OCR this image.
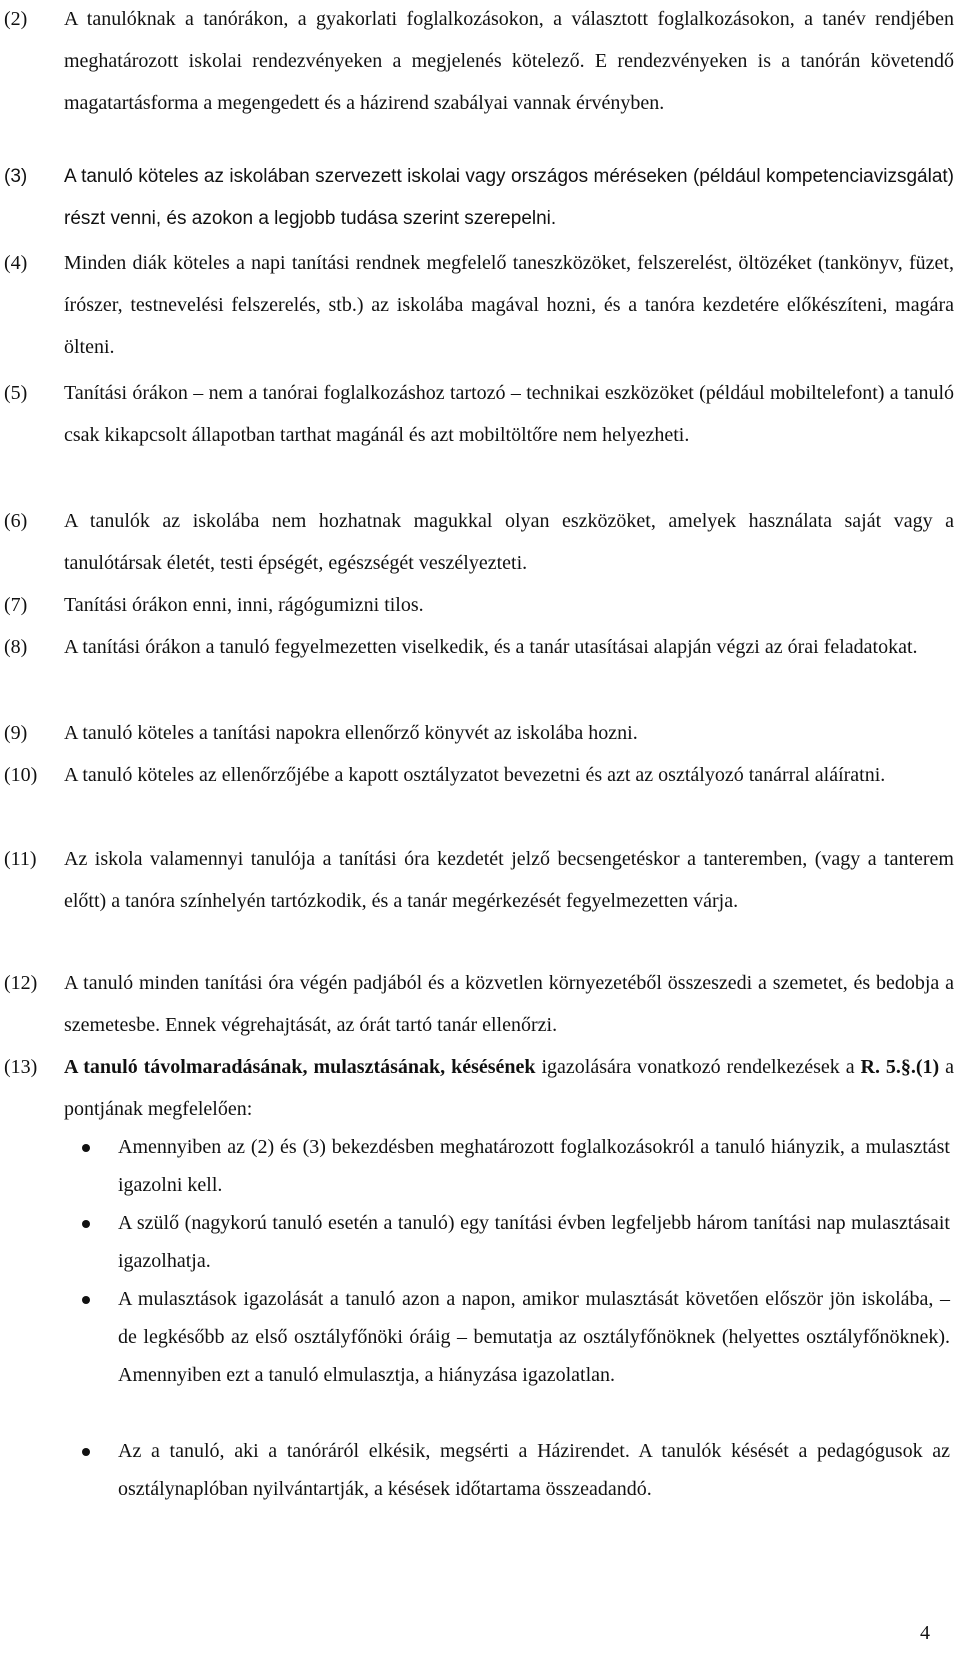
(2) A tanulóknak a tanórákon, a gyakorlati foglalkozásokon, a választott foglalkozásokon, a tanév rendjében meghatározott iskolai rendezvényeken a megjelenés kötelező. E rendezvényeken is a tanórán követendő magatartásforma a megengedett és a házirend szabályai vannak érvényben.
(3) A tanuló köteles az iskolában szervezett iskolai vagy országos méréseken (például kompetenciavizsgálat) részt venni, és azokon a legjobb tudása szerint szerepelni.
(4) Minden diák köteles a napi tanítási rendnek megfelelő taneszközöket, felszerelést, öltözéket (tankönyv, füzet, írószer, testnevelési felszerelés, stb.) az iskolába magával hozni, és a tanóra kezdetére előkészíteni, magára ölteni.
(5) Tanítási órákon – nem a tanórai foglalkozáshoz tartozó – technikai eszközöket (például mobiltelefont) a tanuló csak kikapcsolt állapotban tarthat magánál és azt mobiltöltőre nem helyezheti.
(6) A tanulók az iskolába nem hozhatnak magukkal olyan eszközöket, amelyek használata saját vagy a tanulótársak életét, testi épségét, egészségét veszélyezteti.
(7) Tanítási órákon enni, inni, rágógumizni tilos.
(8) A tanítási órákon a tanuló fegyelmezetten viselkedik, és a tanár utasításai alapján végzi az órai feladatokat.
(9) A tanuló köteles a tanítási napokra ellenőrző könyvét az iskolába hozni.
(10) A tanuló köteles az ellenőrzőjébe a kapott osztályzatot bevezetni és azt az osztályozó tanárral aláíratni.
(11) Az iskola valamennyi tanulója a tanítási óra kezdetét jelző becsengetéskor a tanteremben, (vagy a tanterem előtt) a tanóra színhelyén tartózkodik, és a tanár megérkezését fegyelmezetten várja.
(12) A tanuló minden tanítási óra végén padjából és a közvetlen környezetéből összeszedi a szemetet, és bedobja a szemetesbe. Ennek végrehajtását, az órát tartó tanár ellenőrzi.
(13) A tanuló távolmaradásának, mulasztásának, késésének igazolására vonatkozó rendelkezések a R. 5.§.(1) a pontjának megfelelően:
Amennyiben az (2) és (3) bekezdésben meghatározott foglalkozásokról a tanuló hiányzik, a mulasztást igazolni kell.
A szülő (nagykorú tanuló esetén a tanuló) egy tanítási évben legfeljebb három tanítási nap mulasztásait igazolhatja.
A mulasztások igazolását a tanuló azon a napon, amikor mulasztását követően először jön iskolába, – de legkésőbb az első osztályfőnöki óráig – bemutatja az osztályfőnöknek (helyettes osztályfőnöknek). Amennyiben ezt a tanuló elmulasztja, a hiányzása igazolatlan.
Az a tanuló, aki a tanóráról elkésik, megsérti a Házirendet. A tanulók késését a pedagógusok az osztálynaplóban nyilvántartják, a késések időtartama összeadandó.
4
